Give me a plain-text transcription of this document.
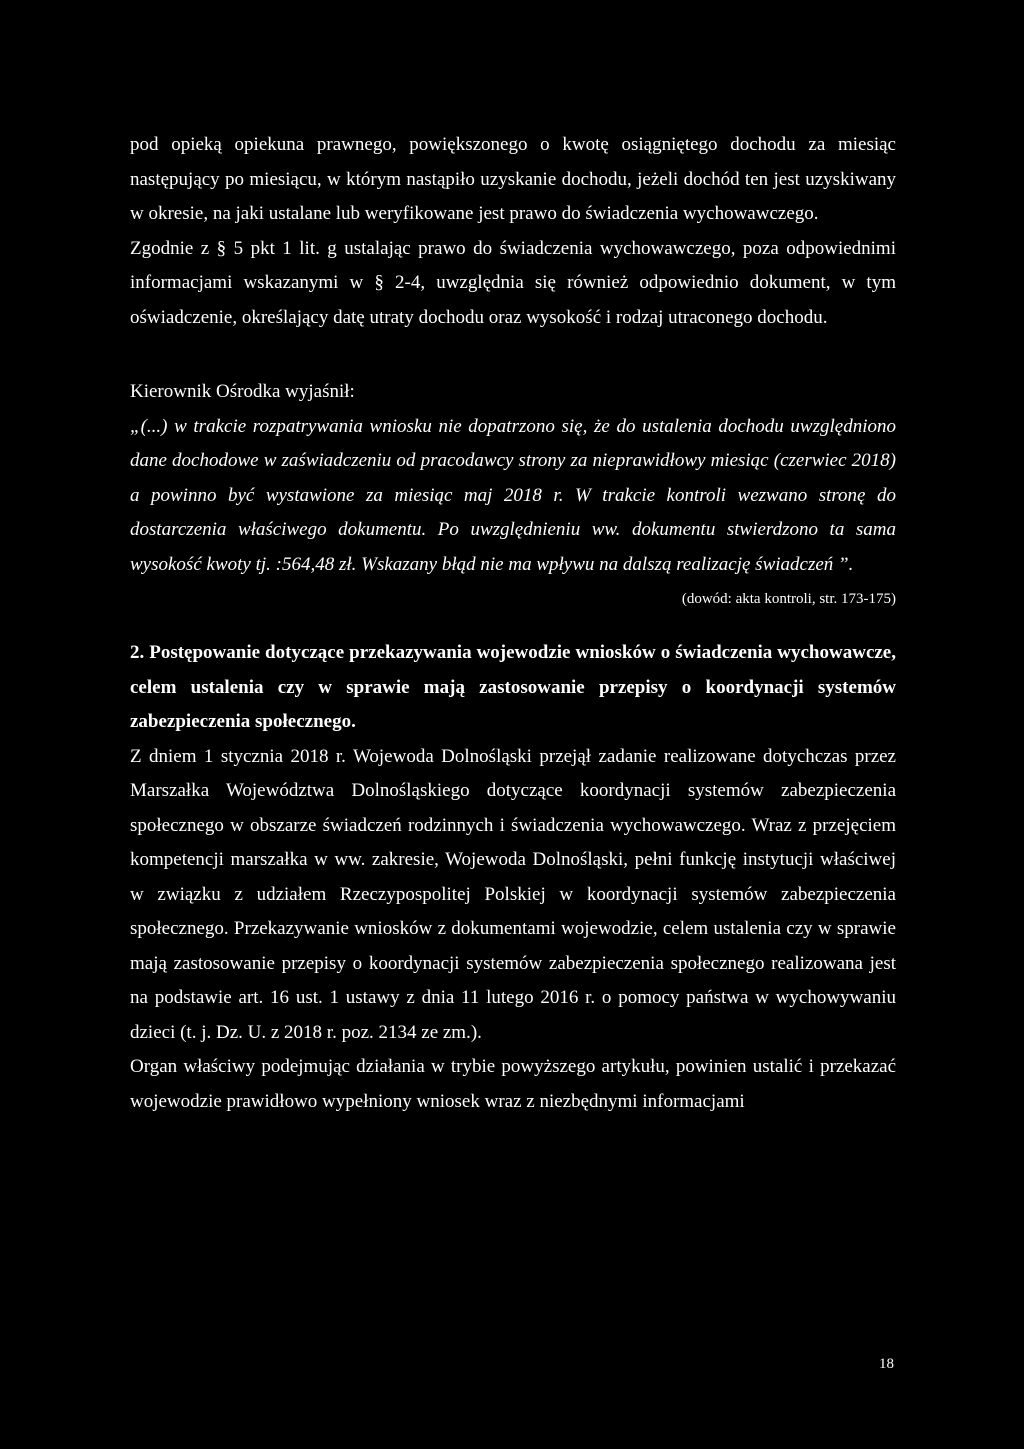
pod opieką opiekuna prawnego, powiększonego o kwotę osiągniętego dochodu za miesiąc następujący po miesiącu, w którym nastąpiło uzyskanie dochodu, jeżeli dochód ten jest uzyskiwany w okresie, na jaki ustalane lub weryfikowane jest prawo do świadczenia wychowawczego.

Zgodnie z § 5 pkt 1 lit. g ustalając prawo do świadczenia wychowawczego, poza odpowiednimi informacjami wskazanymi w § 2-4, uwzględnia się również odpowiednio dokument, w tym oświadczenie, określający datę utraty dochodu oraz wysokość i rodzaj utraconego dochodu.

Kierownik Ośrodka wyjaśnił:

„(...) w trakcie rozpatrywania wniosku nie dopatrzono się, że do ustalenia dochodu uwzględniono dane dochodowe w zaświadczeniu od pracodawcy strony za nieprawidłowy miesiąc (czerwiec 2018) a powinno być wystawione za miesiąc maj 2018 r. W trakcie kontroli wezwano stronę do dostarczenia właściwego dokumentu. Po uwzględnieniu ww. dokumentu stwierdzono ta sama wysokość kwoty tj. :564,48 zł. Wskazany błąd nie ma wpływu na dalszą realizację świadczeń ”.

(dowód: akta kontroli, str. 173-175)

2. Postępowanie dotyczące przekazywania wojewodzie wniosków o świadczenia wychowawcze, celem ustalenia czy w sprawie mają zastosowanie przepisy o koordynacji systemów zabezpieczenia społecznego.

Z dniem 1 stycznia 2018 r. Wojewoda Dolnośląski przejął zadanie realizowane dotychczas przez Marszałka Województwa Dolnośląskiego dotyczące koordynacji systemów zabezpieczenia społecznego w obszarze świadczeń rodzinnych i świadczenia wychowawczego. Wraz z przejęciem kompetencji marszałka w ww. zakresie, Wojewoda Dolnośląski, pełni funkcję instytucji właściwej w związku z udziałem Rzeczypospolitej Polskiej w koordynacji systemów zabezpieczenia społecznego. Przekazywanie wniosków z dokumentami wojewodzie, celem ustalenia czy w sprawie mają zastosowanie przepisy o koordynacji systemów zabezpieczenia społecznego realizowana jest na podstawie art. 16 ust. 1 ustawy z dnia 11 lutego 2016 r. o pomocy państwa w wychowywaniu dzieci (t. j. Dz. U. z 2018 r. poz. 2134 ze zm.).

Organ właściwy podejmując działania w trybie powyższego artykułu, powinien ustalić i przekazać wojewodzie prawidłowo wypełniony wniosek wraz z niezbędnymi informacjami

18
